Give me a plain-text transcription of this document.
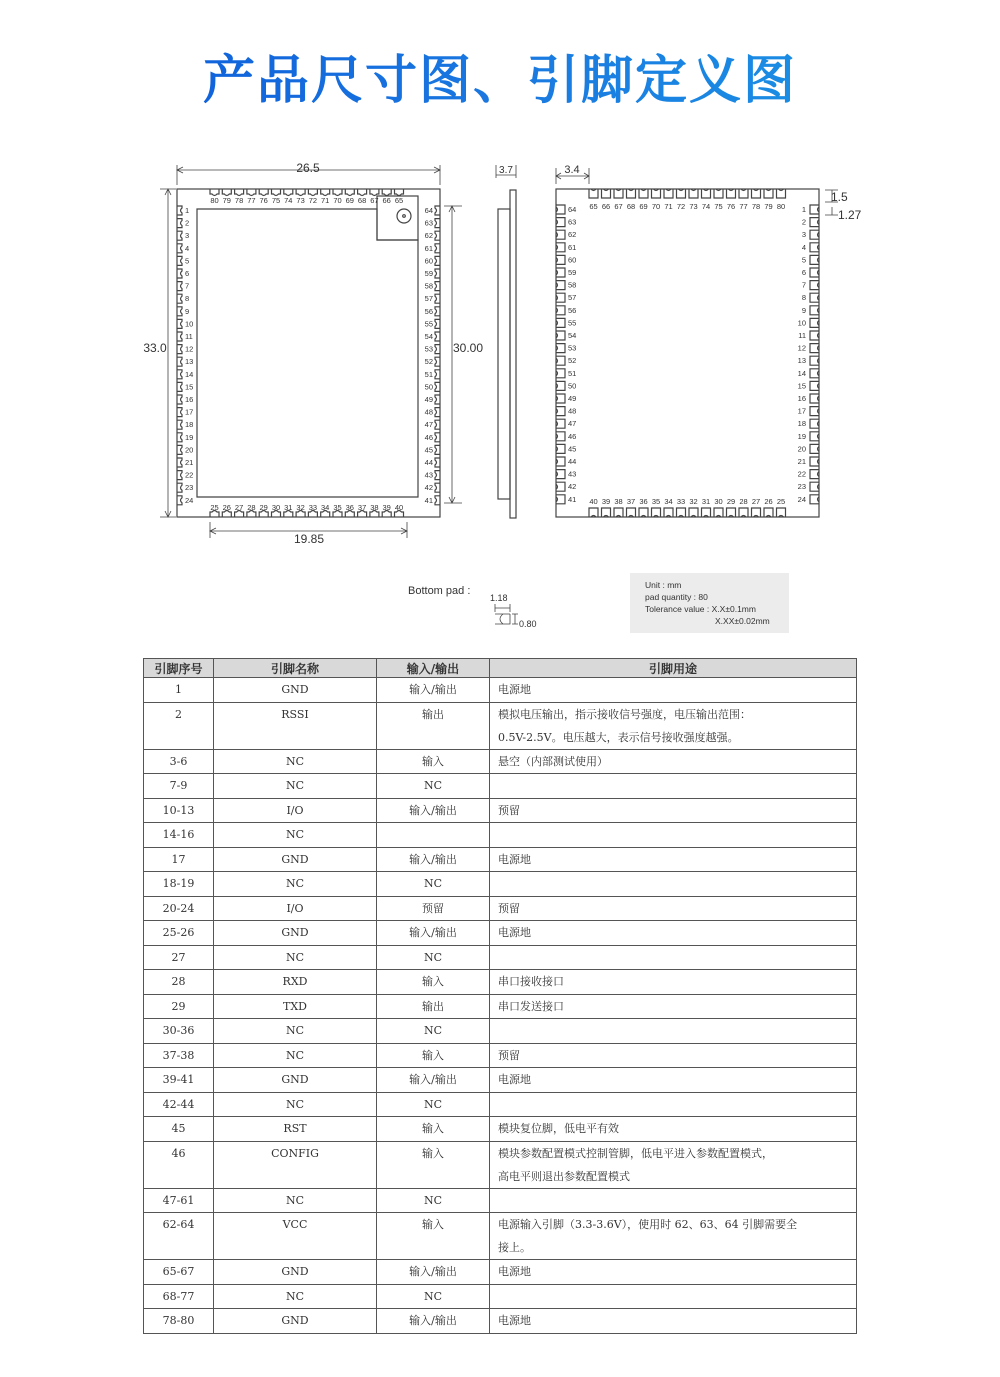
产品尺寸图、引脚定义图
80 79 78 77 76 75 74 73 72 71 70 69 68 67 66 65
25 26 27 28 29 30 31 32 33 34 35 36 37 38 39 40
1
2
3
4
5
6
7
8
9
10
11
12
13
14
15
16
17
18
19
20
21
22
23
24
64
63
62
61
60
59
58
57
56
55
54
53
52
51
50
49
48
47
46
45
44
43
42
41
65 66 67 68 69 70 71 72 73 74 75 76 77 78 79 80
40 39 38 37 36 35 34 33 32 31 30 29 28 27 26 25
64
63
62
61
60
59
58
57
56
55
54
53
52
51
50
49
48
47
46
45
44
43
42
41
1
2
3
4
5
6
7
8
9
10
11
12
13
14
15
16
17
18
19
20
21
22
23
24
26.5
33.0	30.00
19.85
3.7	3.4
1.5
1.27
Bottom pad :
1.18
0.80
Unit : mm
pad quantity : 80
Tolerance value : X.X±0.1mm
X.XX±0.02mm
引脚序号	引脚名称	输入/输出	引脚用途
1	GND	输入/输出	电源地

2	RSSI	输出	模拟电压输出，指示接收信号强度，电压输出范围：
0.5V-2.5V。电压越大，表示信号接收强度越强。

3-6	NC	输入	悬空（内部测试使用）

7-9	NC	NC	

10-13	I/O	输入/输出	预留

14-16	NC		

17	GND	输入/输出	电源地

18-19	NC	NC	

20-24	I/O	预留	预留

25-26	GND	输入/输出	电源地

27	NC	NC	

28	RXD	输入	串口接收接口

29	TXD	输出	串口发送接口

30-36	NC	NC	

37-38	NC	输入	预留

39-41	GND	输入/输出	电源地

42-44	NC	NC	

45	RST	输入	模块复位脚，低电平有效

46	CONFIG	输入	模块参数配置模式控制管脚，低电平进入参数配置模式，
高电平则退出参数配置模式

47-61	NC	NC	

62-64	VCC	输入	电源输入引脚（3.3-3.6V），使用时 62、63、64 引脚需要全
接上。

65-67	GND	输入/输出	电源地

68-77	NC	NC	

78-80	GND	输入/输出	电源地
